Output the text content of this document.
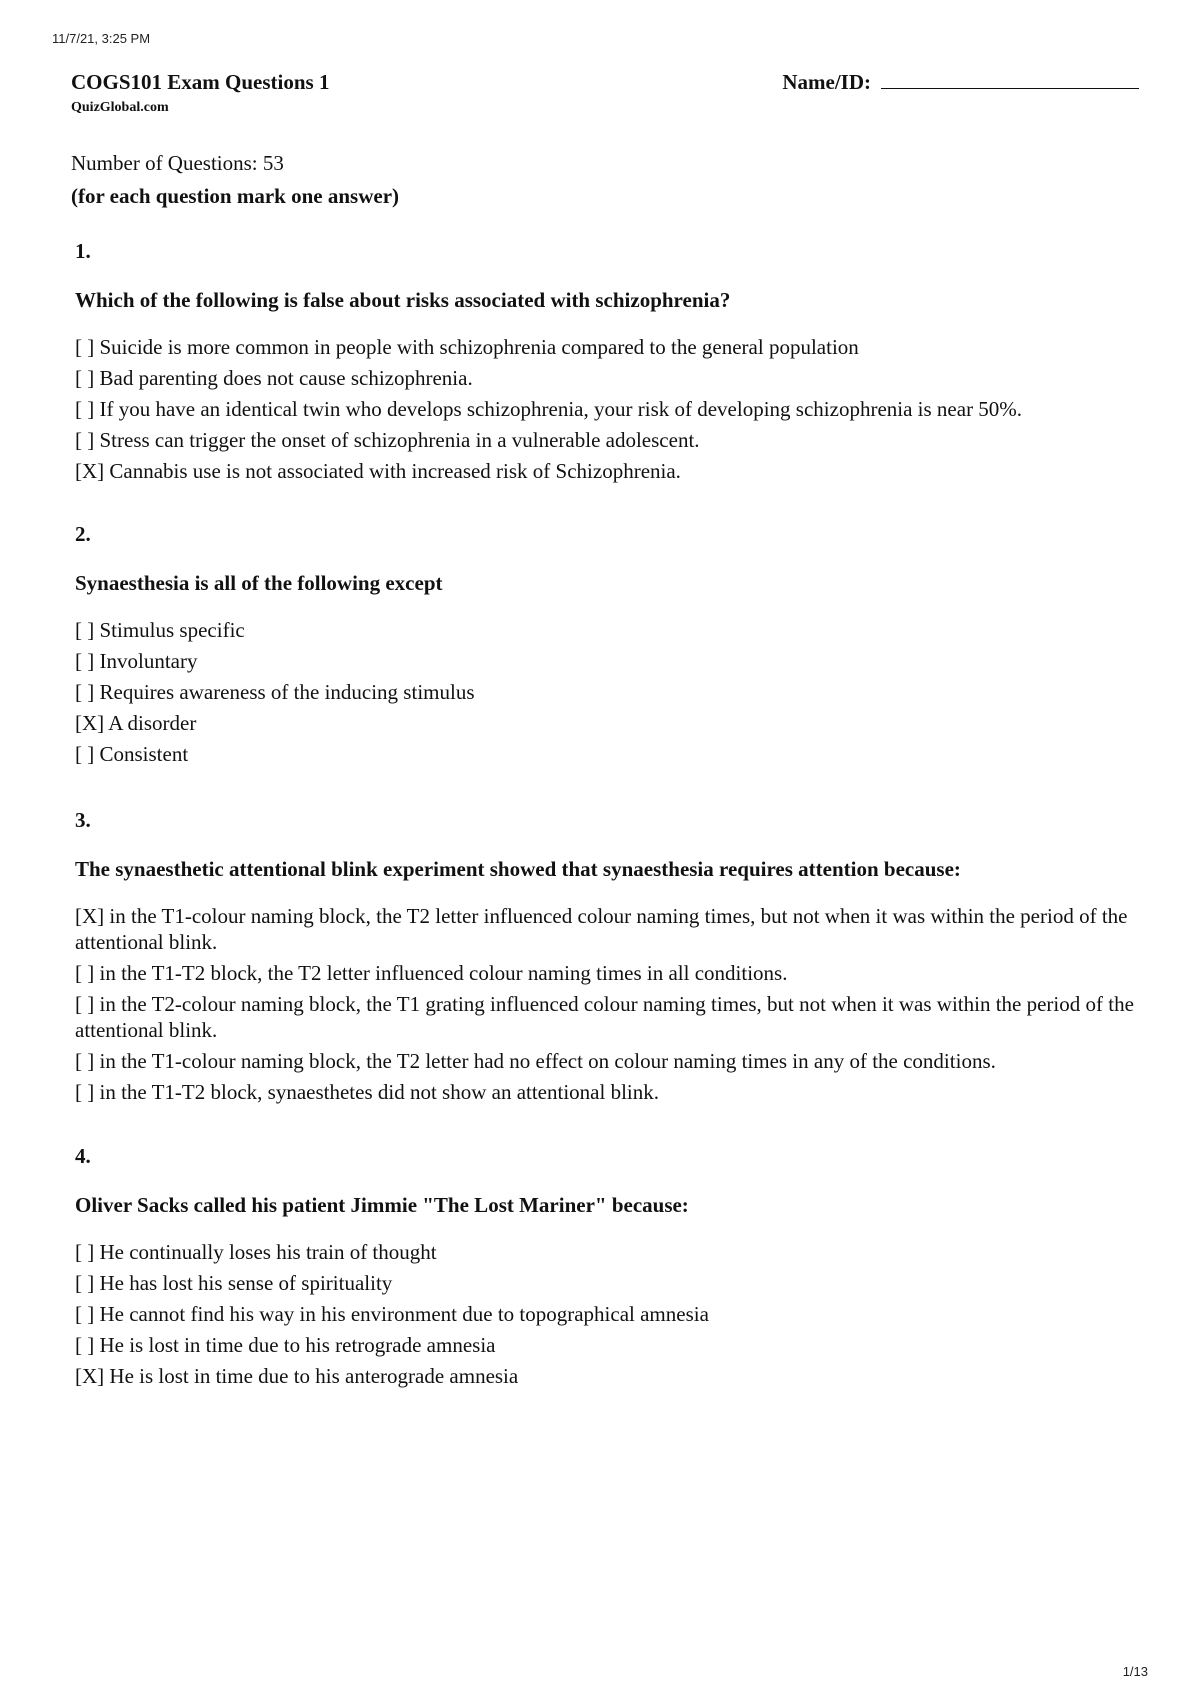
11/7/21, 3:25 PM
COGS101 Exam Questions 1	Name/ID:
QuizGlobal.com
Number of Questions: 53
(for each question mark one answer)
1.
Which of the following is false about risks associated with schizophrenia?
[ ] Suicide is more common in people with schizophrenia compared to the general population
[ ] Bad parenting does not cause schizophrenia.
[ ] If you have an identical twin who develops schizophrenia, your risk of developing schizophrenia is near 50%.
[ ] Stress can trigger the onset of schizophrenia in a vulnerable adolescent.
[X] Cannabis use is not associated with increased risk of Schizophrenia.
2.
Synaesthesia is all of the following except
[ ] Stimulus specific
[ ] Involuntary
[ ] Requires awareness of the inducing stimulus
[X] A disorder
[ ] Consistent
3.
The synaesthetic attentional blink experiment showed that synaesthesia requires attention because:
[X] in the T1-colour naming block, the T2 letter influenced colour naming times, but not when it was within the period of the attentional blink.
[ ] in the T1-T2 block, the T2 letter influenced colour naming times in all conditions.
[ ] in the T2-colour naming block, the T1 grating influenced colour naming times, but not when it was within the period of the attentional blink.
[ ] in the T1-colour naming block, the T2 letter had no effect on colour naming times in any of the conditions.
[ ] in the T1-T2 block, synaesthetes did not show an attentional blink.
4.
Oliver Sacks called his patient Jimmie "The Lost Mariner" because:
[ ] He continually loses his train of thought
[ ] He has lost his sense of spirituality
[ ] He cannot find his way in his environment due to topographical amnesia
[ ] He is lost in time due to his retrograde amnesia
[X] He is lost in time due to his anterograde amnesia
1/13
